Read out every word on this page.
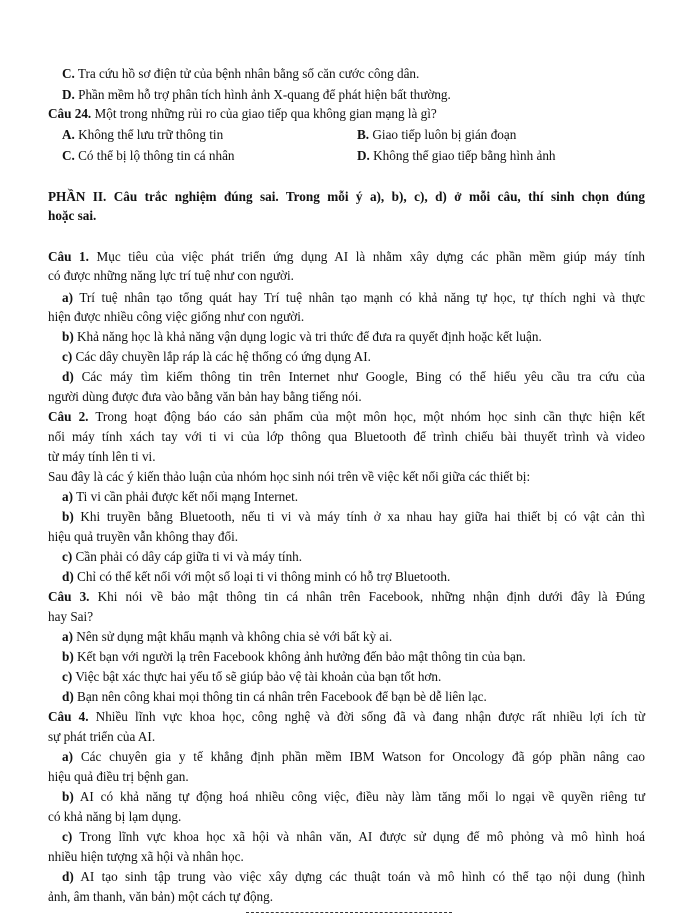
C. Tra cứu hồ sơ điện tử của bệnh nhân bằng số căn cước công dân.
D. Phần mềm hỗ trợ phân tích hình ảnh X-quang để phát hiện bất thường.
Câu 24. Một trong những rủi ro của giao tiếp qua không gian mạng là gì?
A. Không thể lưu trữ thông tin	B. Giao tiếp luôn bị gián đoạn
C. Có thể bị lộ thông tin cá nhân	D. Không thể giao tiếp bằng hình ảnh
PHẦN II. Câu trắc nghiệm đúng sai. Trong mỗi ý a), b), c), d) ở mỗi câu, thí sinh chọn đúng
hoặc sai.
Câu 1. Mục tiêu của việc phát triển ứng dụng AI là nhằm xây dựng các phần mềm giúp máy tính
có được những năng lực trí tuệ như con người.
a) Trí tuệ nhân tạo tổng quát hay Trí tuệ nhân tạo mạnh có khả năng tự học, tự thích nghi và thực
hiện được nhiều công việc giống như con người.
b) Khả năng học là khả năng vận dụng logic và tri thức để đưa ra quyết định hoặc kết luận.
c) Các dây chuyền lắp ráp là các hệ thống có ứng dụng AI.
d) Các máy tìm kiếm thông tin trên Internet như Google, Bing có thể hiểu yêu cầu tra cứu của
người dùng được đưa vào bằng văn bản hay bằng tiếng nói.
Câu 2. Trong hoạt động báo cáo sản phẩm của một môn học, một nhóm học sinh cần thực hiện kết
nối máy tính xách tay với ti vi của lớp thông qua Bluetooth để trình chiếu bài thuyết trình và video
từ máy tính lên ti vi.
Sau đây là các ý kiến thảo luận của nhóm học sinh nói trên về việc kết nối giữa các thiết bị:
a) Ti vi cần phải được kết nối mạng Internet.
b) Khi truyền bằng Bluetooth, nếu ti vi và máy tính ở xa nhau hay giữa hai thiết bị có vật cản thì
hiệu quả truyền vẫn không thay đổi.
c) Cần phải có dây cáp giữa ti vi và máy tính.
d) Chỉ có thể kết nối với một số loại ti vi thông minh có hỗ trợ Bluetooth.
Câu 3. Khi nói về bảo mật thông tin cá nhân trên Facebook, những nhận định dưới đây là Đúng
hay Sai?
a) Nên sử dụng mật khẩu mạnh và không chia sẻ với bất kỳ ai.
b) Kết bạn với người lạ trên Facebook không ảnh hưởng đến bảo mật thông tin của bạn.
c) Việc bật xác thực hai yếu tố sẽ giúp bảo vệ tài khoản của bạn tốt hơn.
d) Bạn nên công khai mọi thông tin cá nhân trên Facebook để bạn bè dễ liên lạc.
Câu 4. Nhiều lĩnh vực khoa học, công nghệ và đời sống đã và đang nhận được rất nhiều lợi ích từ
sự phát triển của AI.
a) Các chuyên gia y tế khẳng định phần mềm IBM Watson for Oncology đã góp phần nâng cao
hiệu quả điều trị bệnh gan.
b) AI có khả năng tự động hoá nhiều công việc, điều này làm tăng mối lo ngại về quyền riêng tư
có khả năng bị lạm dụng.
c) Trong lĩnh vực khoa học xã hội và nhân văn, AI được sử dụng để mô phỏng và mô hình hoá
nhiều hiện tượng xã hội và nhân học.
d) AI tạo sinh tập trung vào việc xây dựng các thuật toán và mô hình có thể tạo nội dung (hình
ảnh, âm thanh, văn bản) một cách tự động.
